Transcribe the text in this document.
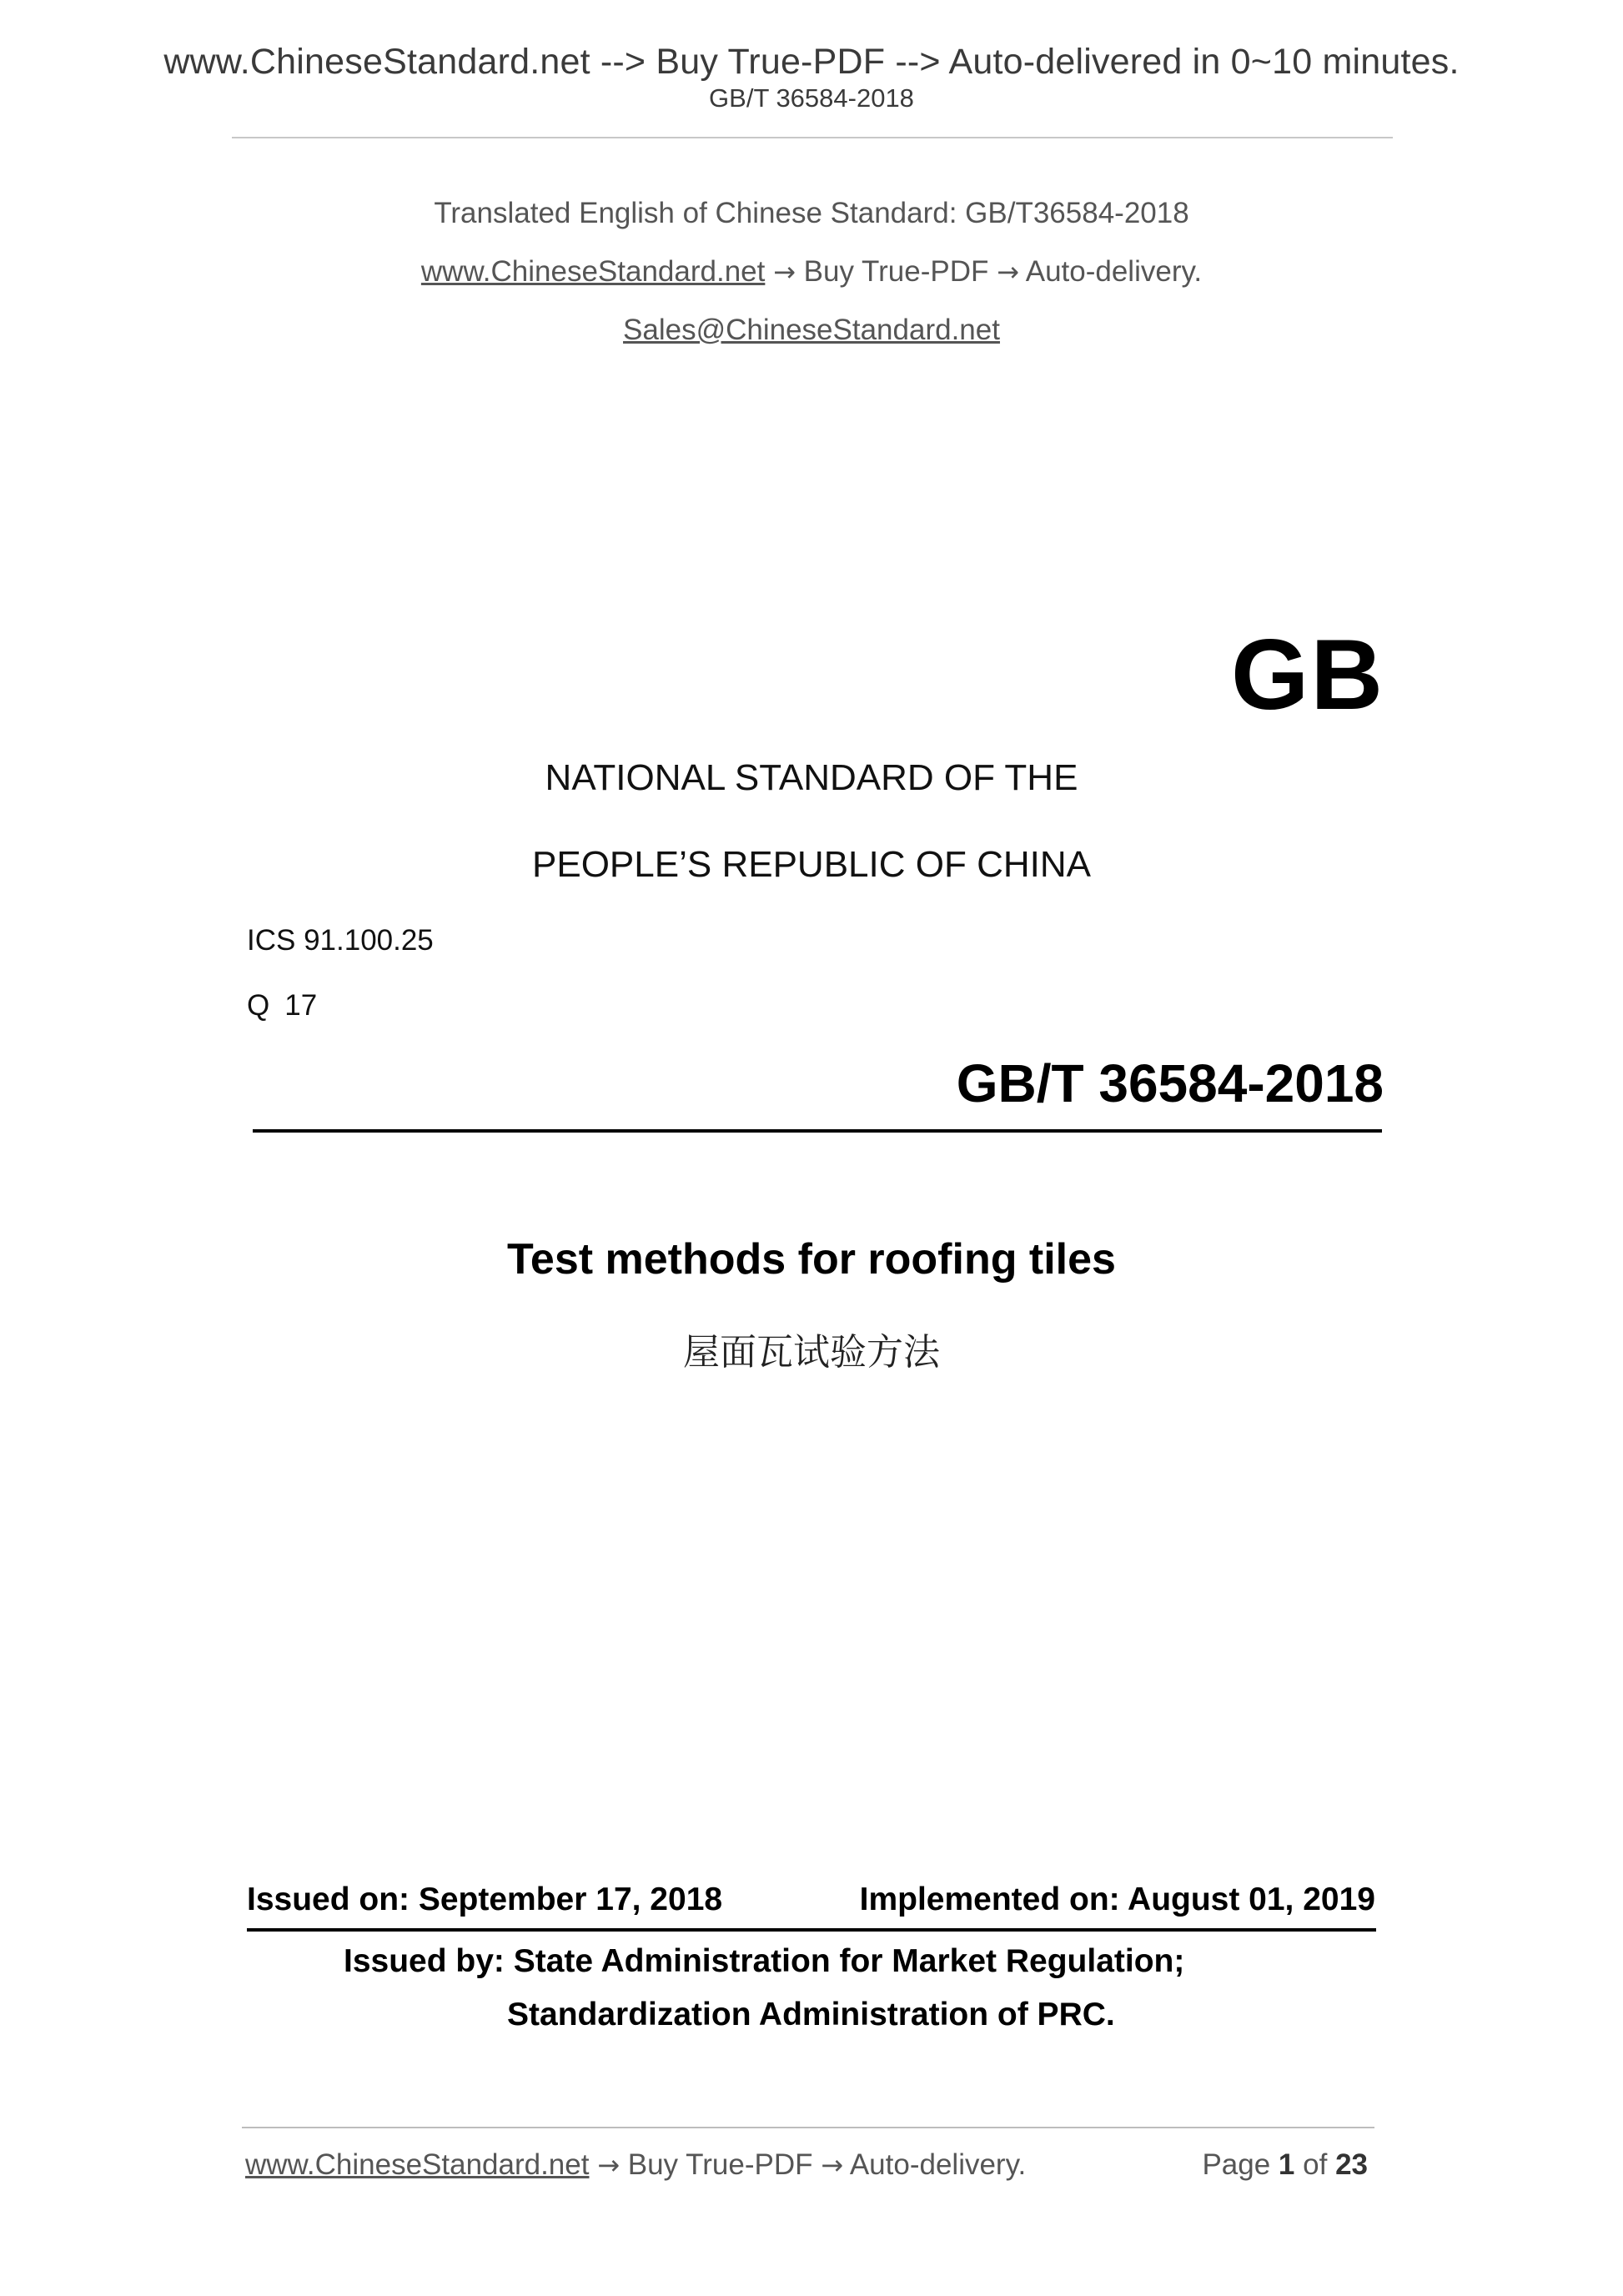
www.ChineseStandard.net --> Buy True-PDF --> Auto-delivered in 0~10 minutes.
GB/T 36584-2018
Translated English of Chinese Standard: GB/T36584-2018
www.ChineseStandard.net → Buy True-PDF → Auto-delivery.
Sales@ChineseStandard.net
GB
NATIONAL STANDARD OF THE
PEOPLE’S REPUBLIC OF CHINA
ICS 91.100.25
Q 17
GB/T 36584-2018
Test methods for roofing tiles
屋面瓦试验方法
Issued on: September 17, 2018	Implemented on: August 01, 2019
Issued by: State Administration for Market Regulation;
Standardization Administration of PRC.
www.ChineseStandard.net → Buy True-PDF → Auto-delivery.	Page 1 of 23
